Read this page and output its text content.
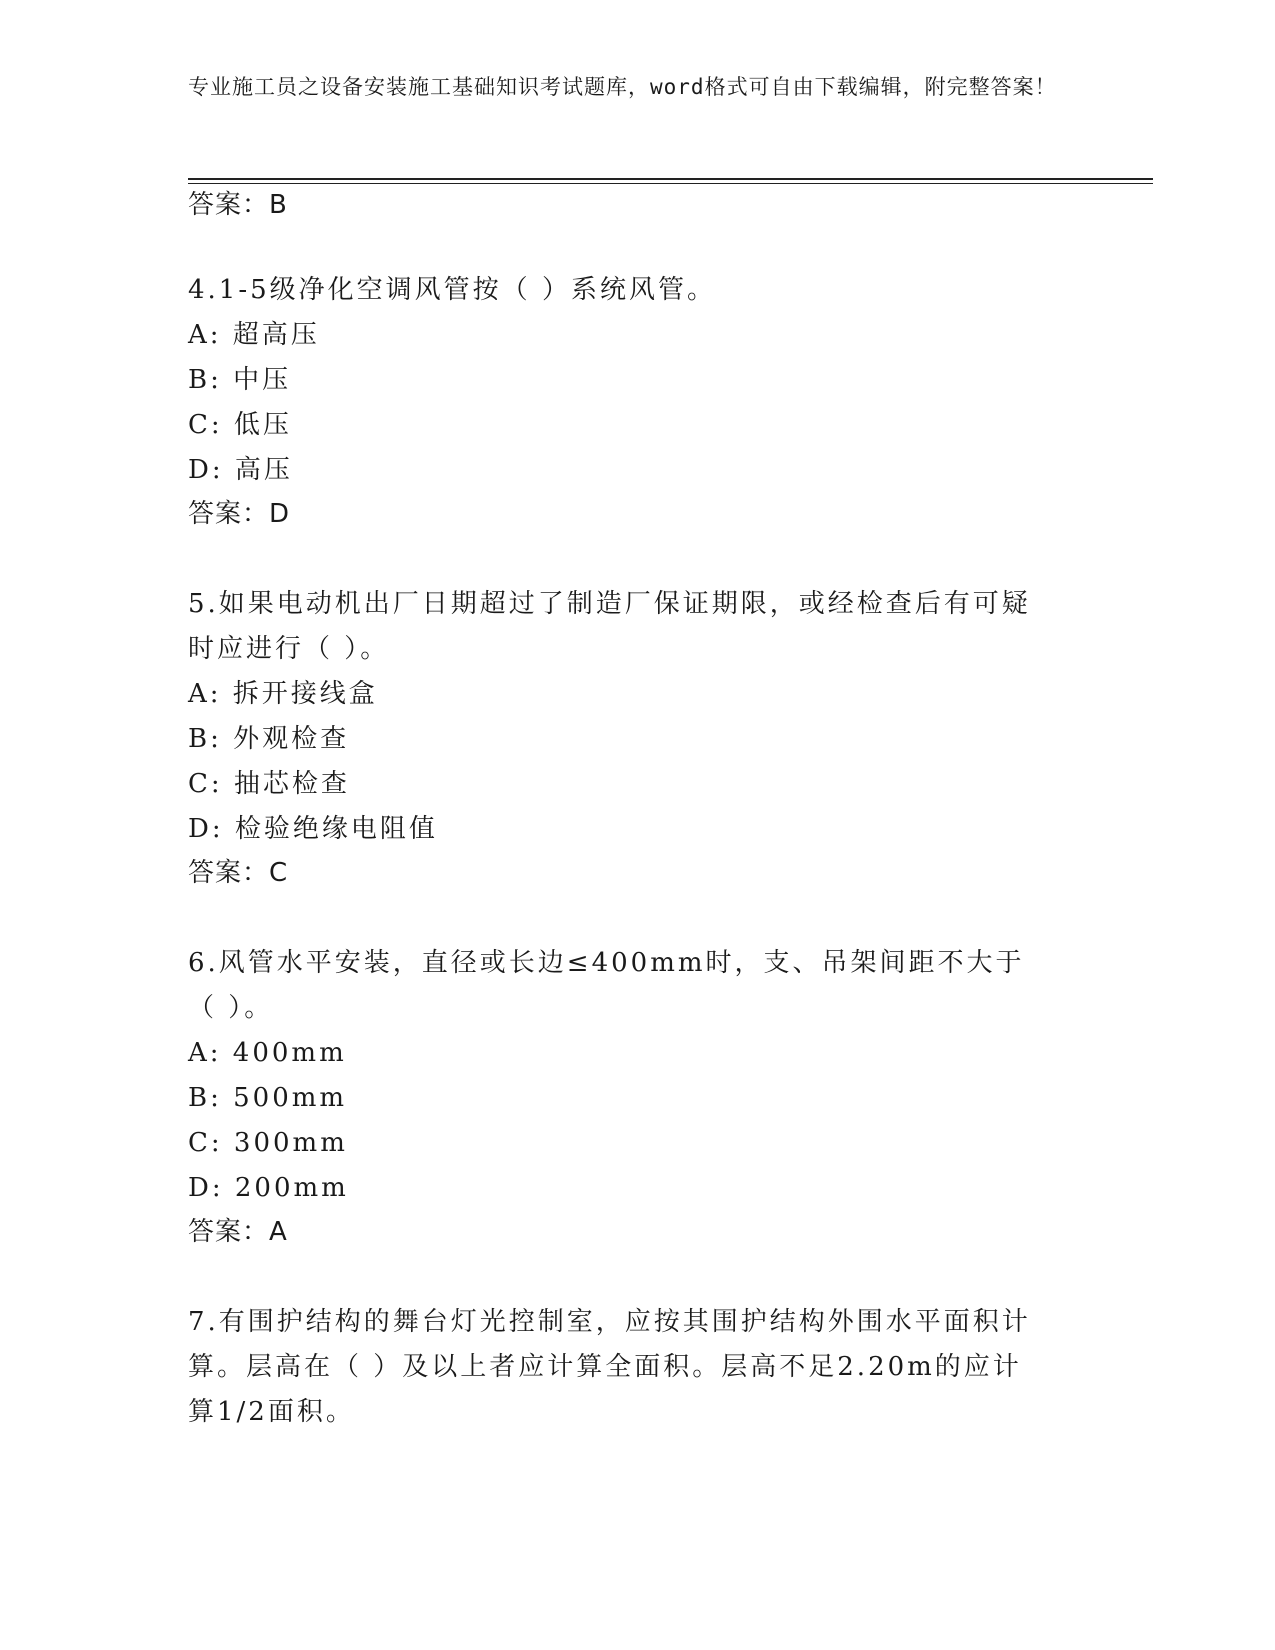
专业施工员之设备安装施工基础知识考试题库，word格式可自由下载编辑，附完整答案！

答案：B

4.1-5级净化空调风管按（ ）系统风管。

A: 超高压

B: 中压

C: 低压

D: 高压

答案：D

5.如果电动机出厂日期超过了制造厂保证期限，或经检查后有可疑时应进行（ ）。

A: 拆开接线盒

B: 外观检查

C: 抽芯检查

D: 检验绝缘电阻值

答案：C

6.风管水平安装，直径或长边≤400mm时，支、吊架间距不大于（ ）。

A: 400mm

B: 500mm

C: 300mm

D: 200mm

答案：A

7.有围护结构的舞台灯光控制室，应按其围护结构外围水平面积计算。层高在（ ）及以上者应计算全面积。层高不足2.20m的应计算1/2面积。
